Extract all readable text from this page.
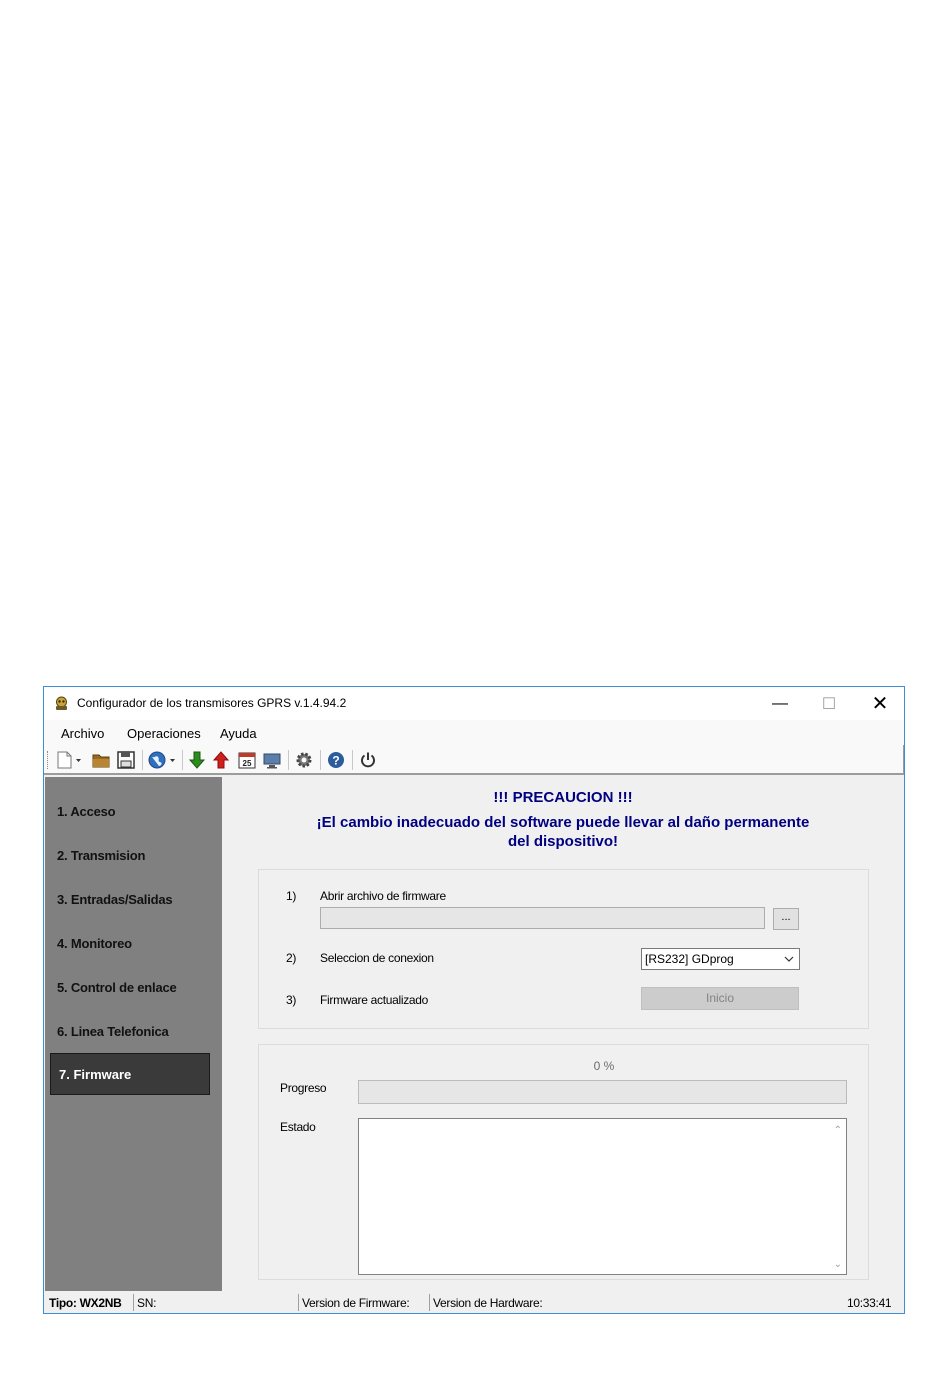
Configurador de los transmisores GPRS v.1.4.94.2	—	☐	✕
Archivo Operaciones Ayuda
25	?
1. Acceso
2. Transmision
3. Entradas/Salidas
4. Monitoreo
5. Control de enlace
6. Linea Telefonica
7. Firmware
!!! PRECAUCION !!!
¡El cambio inadecuado del software puede llevar al daño permanente
del dispositivo!
1) Abrir archivo de firmware
...
2) Seleccion de conexion	[RS232] GDprog
3) Firmware actualizado	Inicio
0 %
Progreso
Estado	⌃
⌄
Tipo: WX2NB SN:	Version de Firmware: Version de Hardware:	10:33:41
